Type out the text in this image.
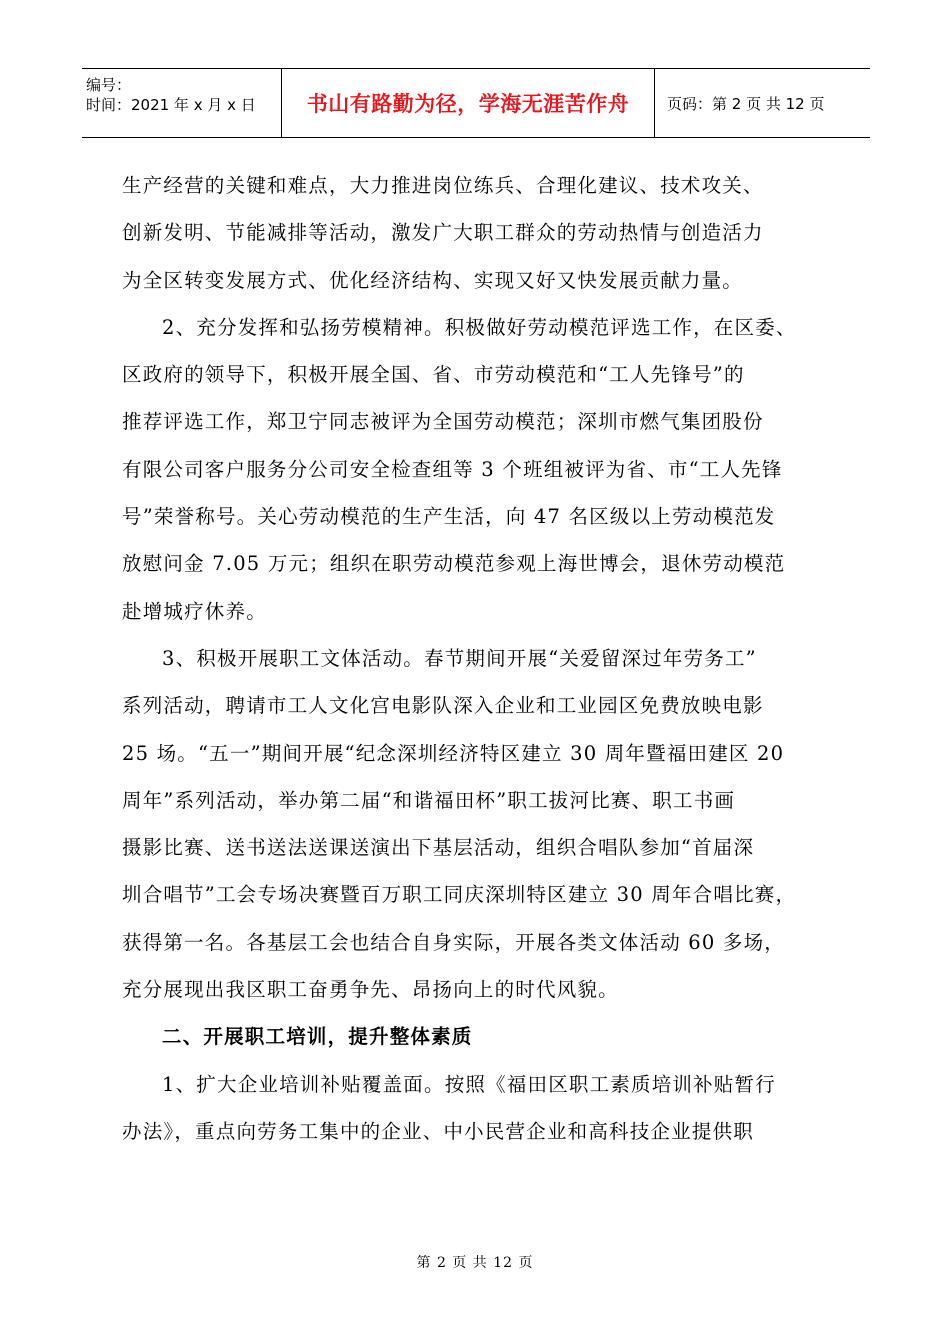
编号：
时间：2021 年 x 月 x 日	书山有路勤为径，学海无涯苦作舟	页码：第 2 页 共 12 页
生产经营的关键和难点，大力推进岗位练兵、合理化建议、技术攻关、
创新发明、节能减排等活动，激发广大职工群众的劳动热情与创造活力
为全区转变发展方式、优化经济结构、实现又好又快发展贡献力量。
2、充分发挥和弘扬劳模精神。积极做好劳动模范评选工作，在区委、
区政府的领导下，积极开展全国、省、市劳动模范和“工人先锋号”的
推荐评选工作，郑卫宁同志被评为全国劳动模范；深圳市燃气集团股份
有限公司客户服务分公司安全检查组等 3 个班组被评为省、市“工人先锋
号”荣誉称号。关心劳动模范的生产生活，向 47 名区级以上劳动模范发
放慰问金 7.05 万元；组织在职劳动模范参观上海世博会，退休劳动模范
赴增城疗休养。
3、积极开展职工文体活动。春节期间开展“关爱留深过年劳务工”
系列活动，聘请市工人文化宫电影队深入企业和工业园区免费放映电影
25 场。“五一”期间开展“纪念深圳经济特区建立 30 周年暨福田建区 20
周年”系列活动，举办第二届“和谐福田杯”职工拔河比赛、职工书画
摄影比赛、送书送法送课送演出下基层活动，组织合唱队参加“首届深
圳合唱节”工会专场决赛暨百万职工同庆深圳特区建立 30 周年合唱比赛，
获得第一名。各基层工会也结合自身实际，开展各类文体活动 60 多场，
充分展现出我区职工奋勇争先、昂扬向上的时代风貌。
二、开展职工培训，提升整体素质
1、扩大企业培训补贴覆盖面。按照《福田区职工素质培训补贴暂行
办法》，重点向劳务工集中的企业、中小民营企业和高科技企业提供职
第 2 页 共 12 页
